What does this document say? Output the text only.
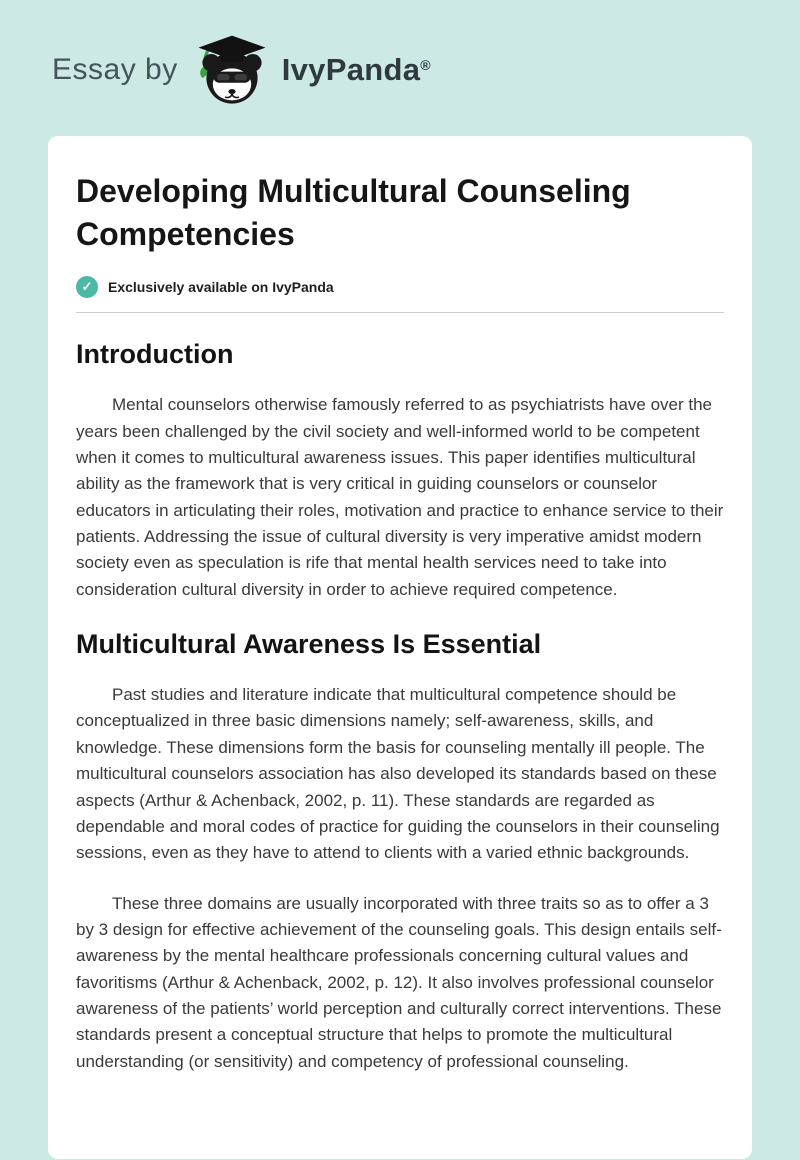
Essay by	IvyPanda®
Developing Multicultural Counseling Competencies
✓	Exclusively available on IvyPanda
Introduction

Mental counselors otherwise famously referred to as psychiatrists have over the years been challenged by the civil society and well-informed world to be competent when it comes to multicultural awareness issues. This paper identifies multicultural ability as the framework that is very critical in guiding counselors or counselor educators in articulating their roles, motivation and practice to enhance service to their patients. Addressing the issue of cultural diversity is very imperative amidst modern society even as speculation is rife that mental health services need to take into consideration cultural diversity in order to achieve required competence.

Multicultural Awareness Is Essential

Past studies and literature indicate that multicultural competence should be conceptualized in three basic dimensions namely; self-awareness, skills, and knowledge. These dimensions form the basis for counseling mentally ill people. The multicultural counselors association has also developed its standards based on these aspects (Arthur & Achenback, 2002, p. 11). These standards are regarded as dependable and moral codes of practice for guiding the counselors in their counseling sessions, even as they have to attend to clients with a varied ethnic backgrounds.

These three domains are usually incorporated with three traits so as to offer a 3 by 3 design for effective achievement of the counseling goals. This design entails self-awareness by the mental healthcare professionals concerning cultural values and favoritisms (Arthur & Achenback, 2002, p. 12). It also involves professional counselor awareness of the patients’ world perception and culturally correct interventions. These standards present a conceptual structure that helps to promote the multicultural understanding (or sensitivity) and competency of professional counseling.
